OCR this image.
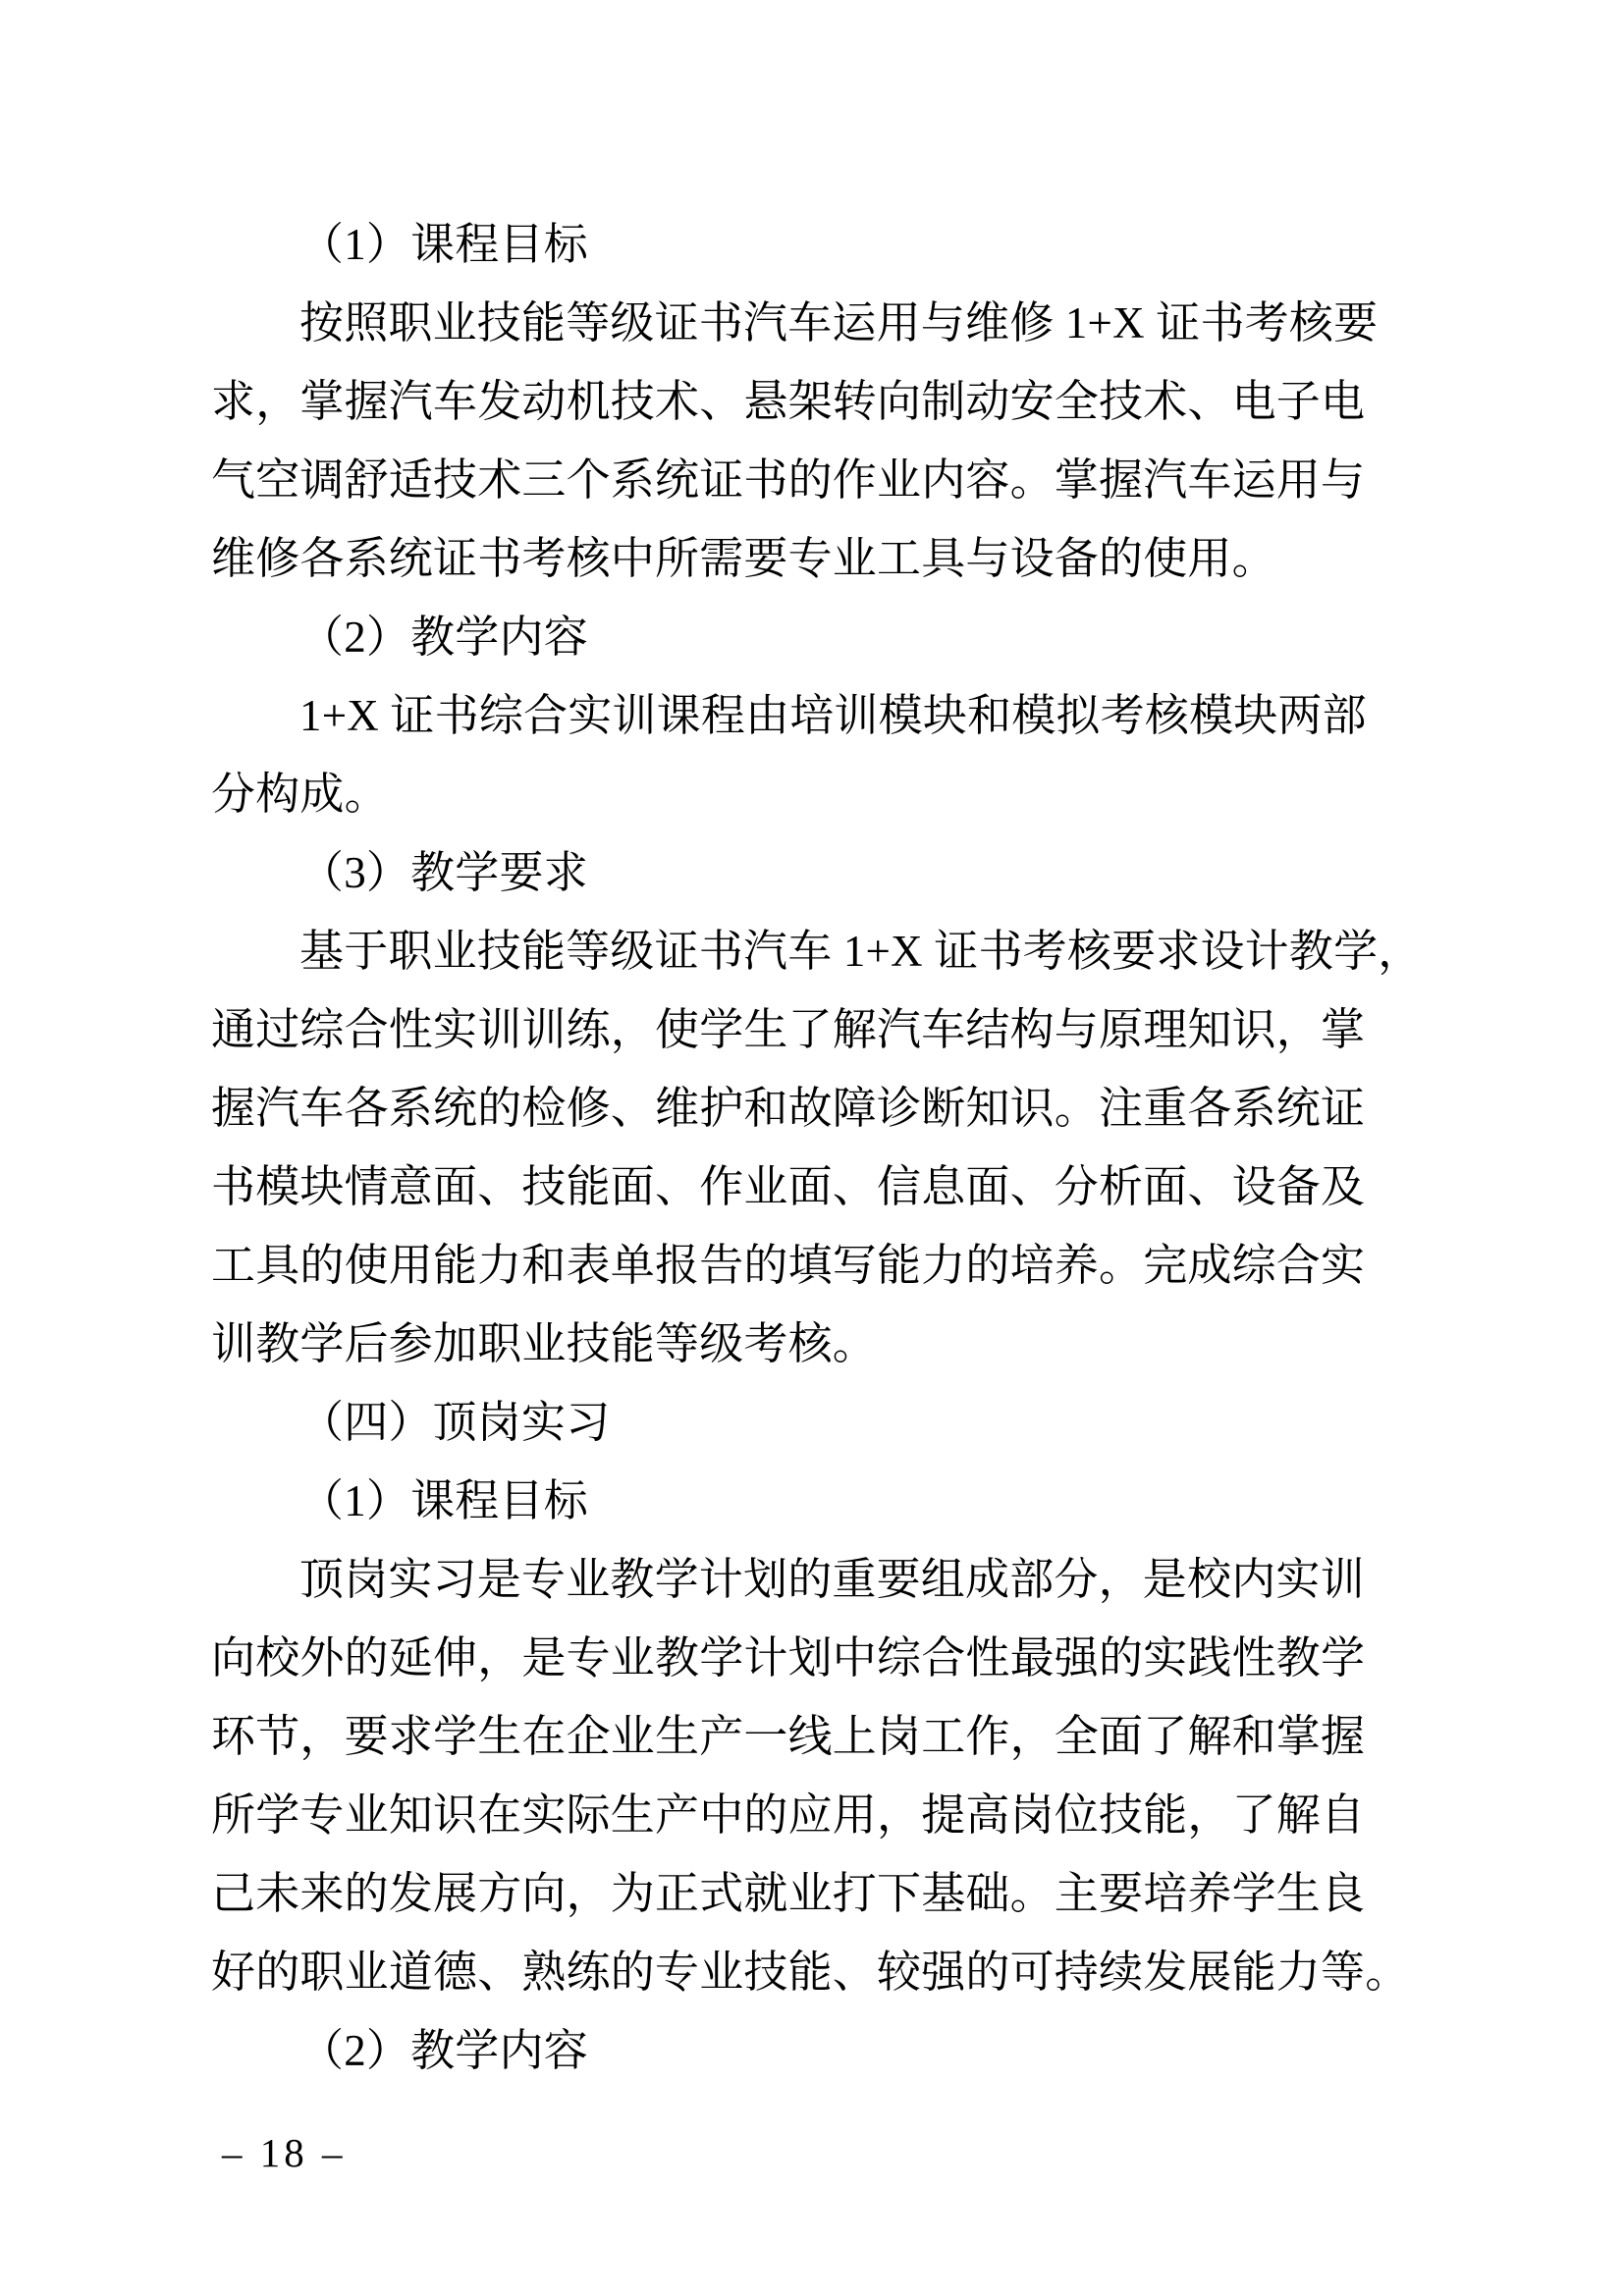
（1）课程目标
按照职业技能等级证书汽车运用与维修 1+X 证书考核要
求，掌握汽车发动机技术、悬架转向制动安全技术、电子电
气空调舒适技术三个系统证书的作业内容。掌握汽车运用与
维修各系统证书考核中所需要专业工具与设备的使用。
（2）教学内容
1+X 证书综合实训课程由培训模块和模拟考核模块两部
分构成。
（3）教学要求
基于职业技能等级证书汽车 1+X 证书考核要求设计教学，
通过综合性实训训练，使学生了解汽车结构与原理知识，掌
握汽车各系统的检修、维护和故障诊断知识。注重各系统证
书模块情意面、技能面、作业面、信息面、分析面、设备及
工具的使用能力和表单报告的填写能力的培养。完成综合实
训教学后参加职业技能等级考核。
（四）顶岗实习
（1）课程目标
顶岗实习是专业教学计划的重要组成部分，是校内实训
向校外的延伸，是专业教学计划中综合性最强的实践性教学
环节，要求学生在企业生产一线上岗工作，全面了解和掌握
所学专业知识在实际生产中的应用，提高岗位技能，了解自
己未来的发展方向，为正式就业打下基础。主要培养学生良
好的职业道德、熟练的专业技能、较强的可持续发展能力等。
（2）教学内容
– 18 –
